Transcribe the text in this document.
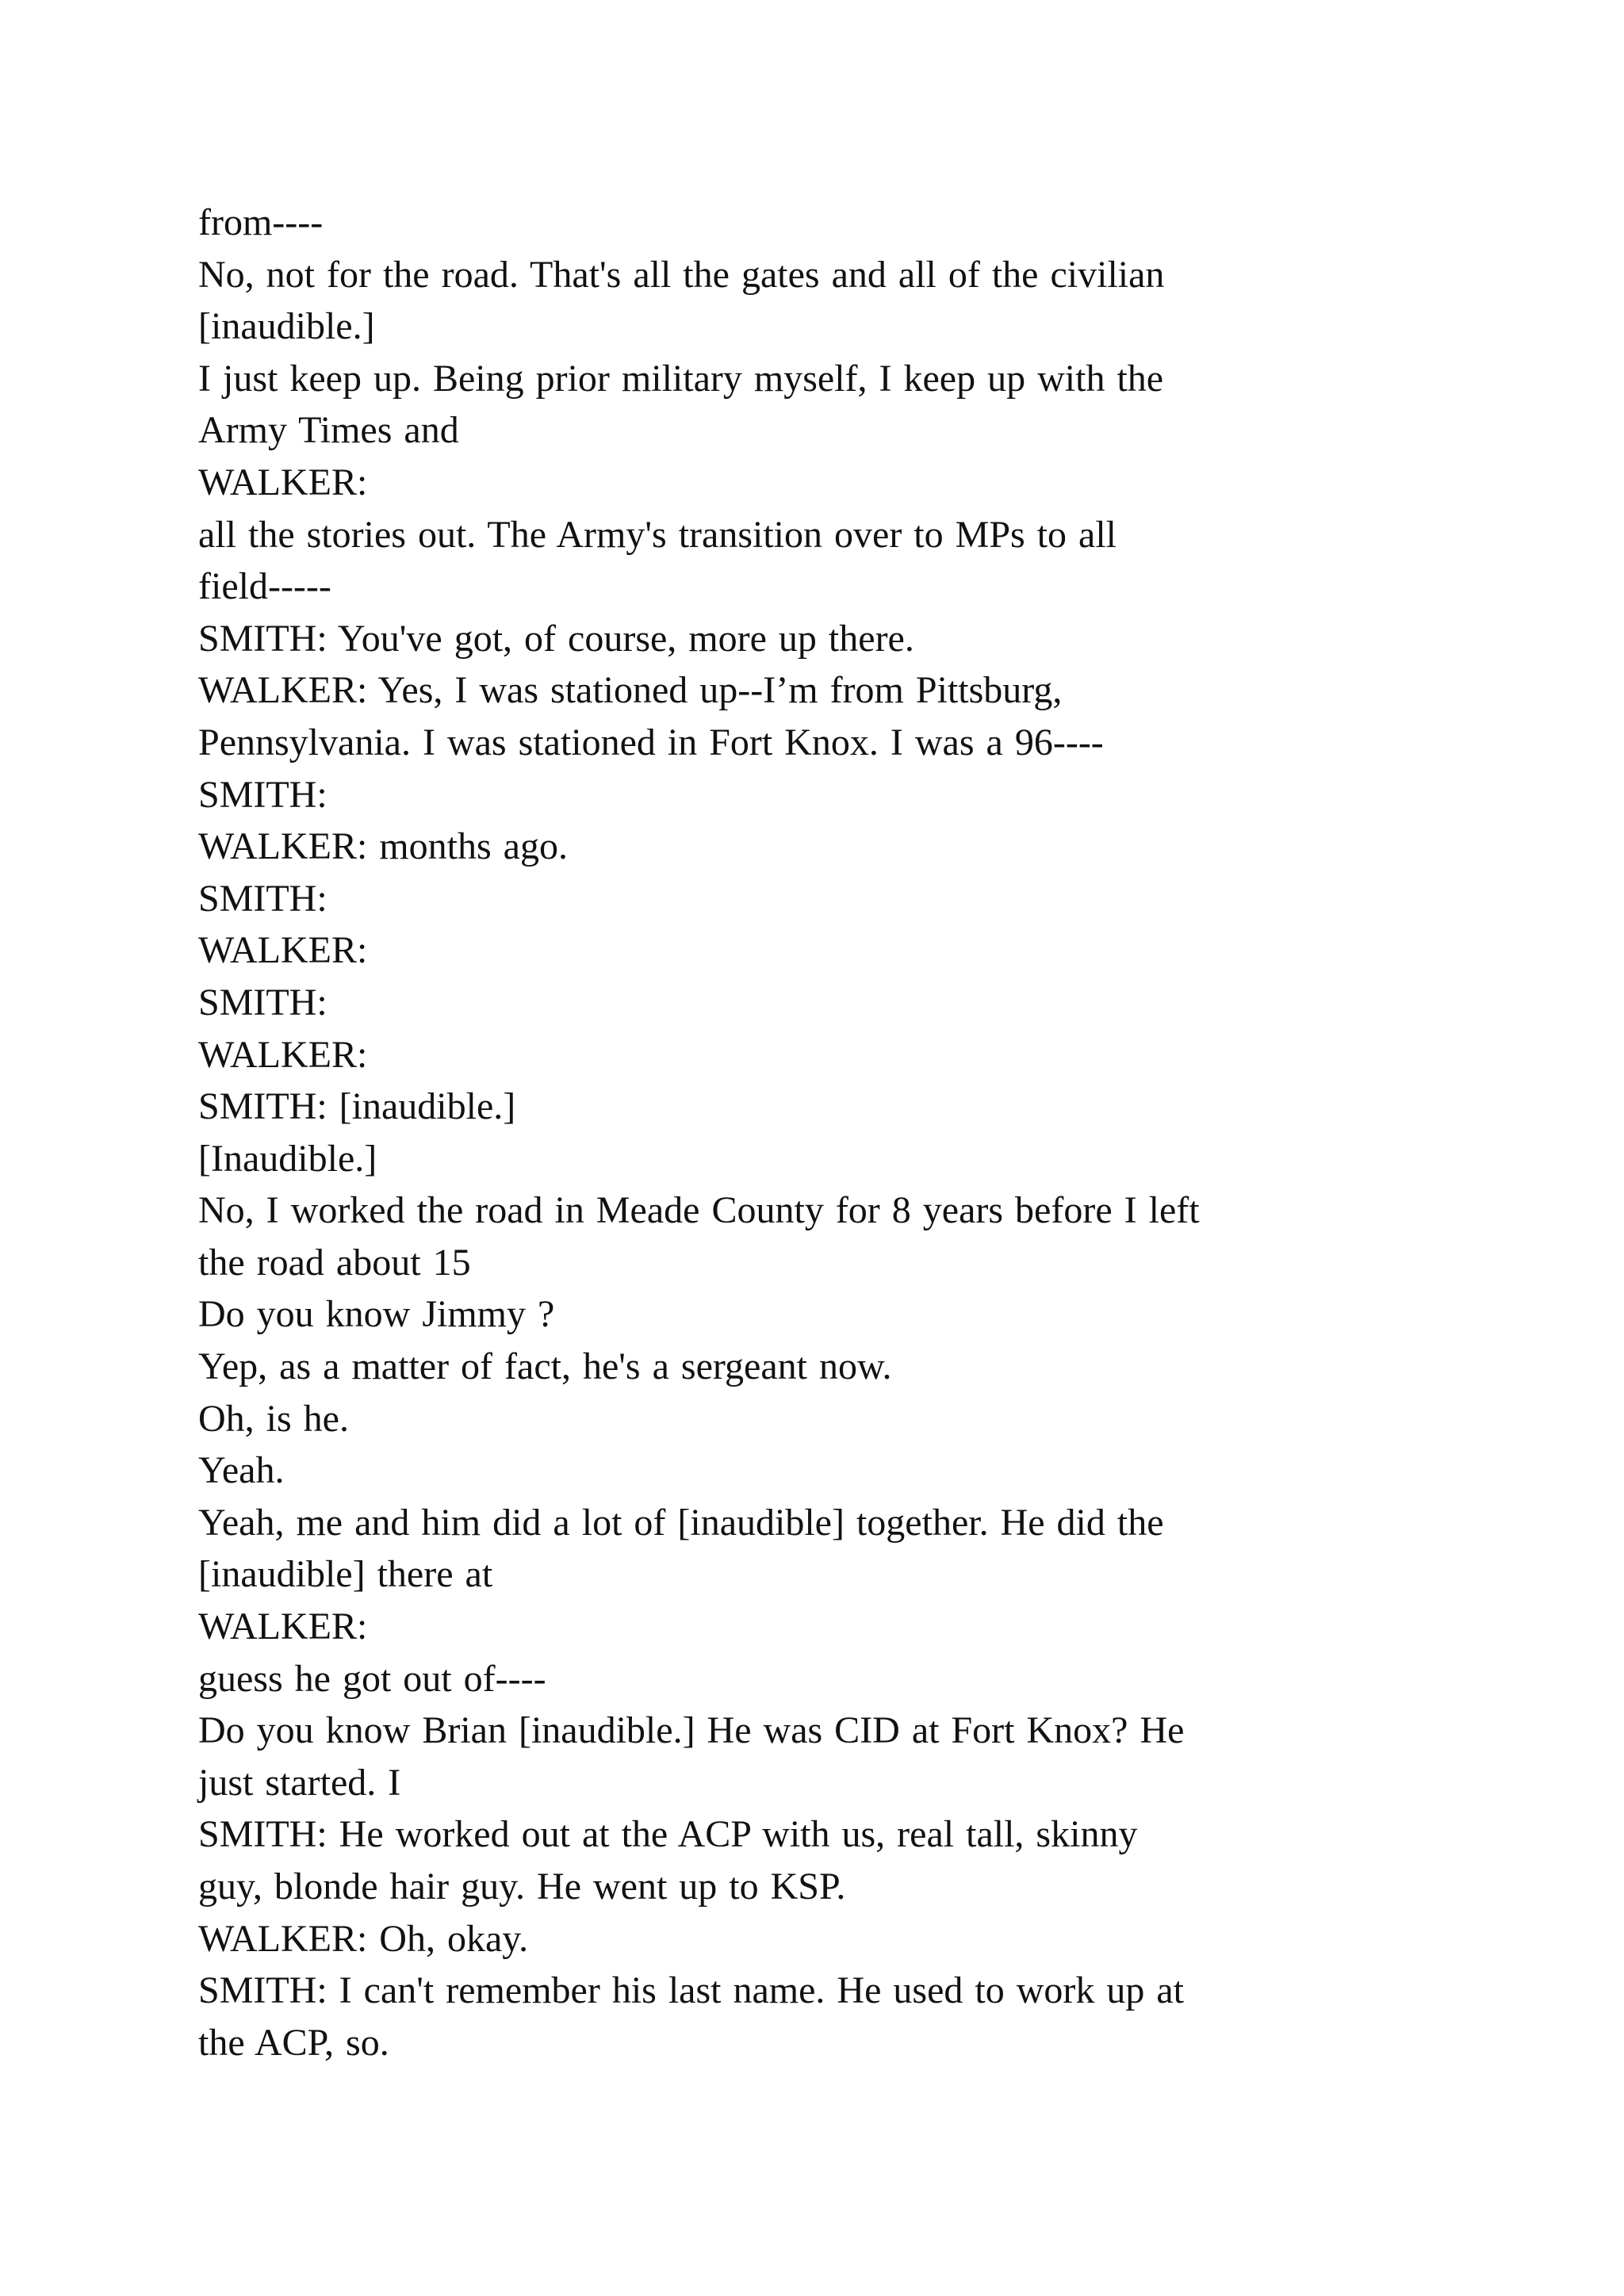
from----
No, not for the road. That's all the gates and all of the civilian
[inaudible.]
I just keep up. Being prior military myself, I keep up with the
Army Times and
WALKER:
all the stories out. The Army's transition over to MPs to all
field-----
SMITH: You've got, of course, more up there.
WALKER: Yes, I was stationed up--I’m from Pittsburg,
Pennsylvania. I was stationed in Fort Knox. I was a 96----
SMITH:
WALKER: months ago.
SMITH:
WALKER:
SMITH:
WALKER:
SMITH: [inaudible.]
[Inaudible.]
No, I worked the road in Meade County for 8 years before I left
the road about 15
Do you know Jimmy ?
Yep, as a matter of fact, he's a sergeant now.
Oh, is he.
Yeah.
Yeah, me and him did a lot of [inaudible] together. He did the
[inaudible] there at
WALKER:
guess he got out of----
Do you know Brian [inaudible.] He was CID at Fort Knox? He
just started. I
SMITH: He worked out at the ACP with us, real tall, skinny
guy, blonde hair guy. He went up to KSP.
WALKER: Oh, okay.
SMITH: I can't remember his last name. He used to work up at
the ACP, so.
